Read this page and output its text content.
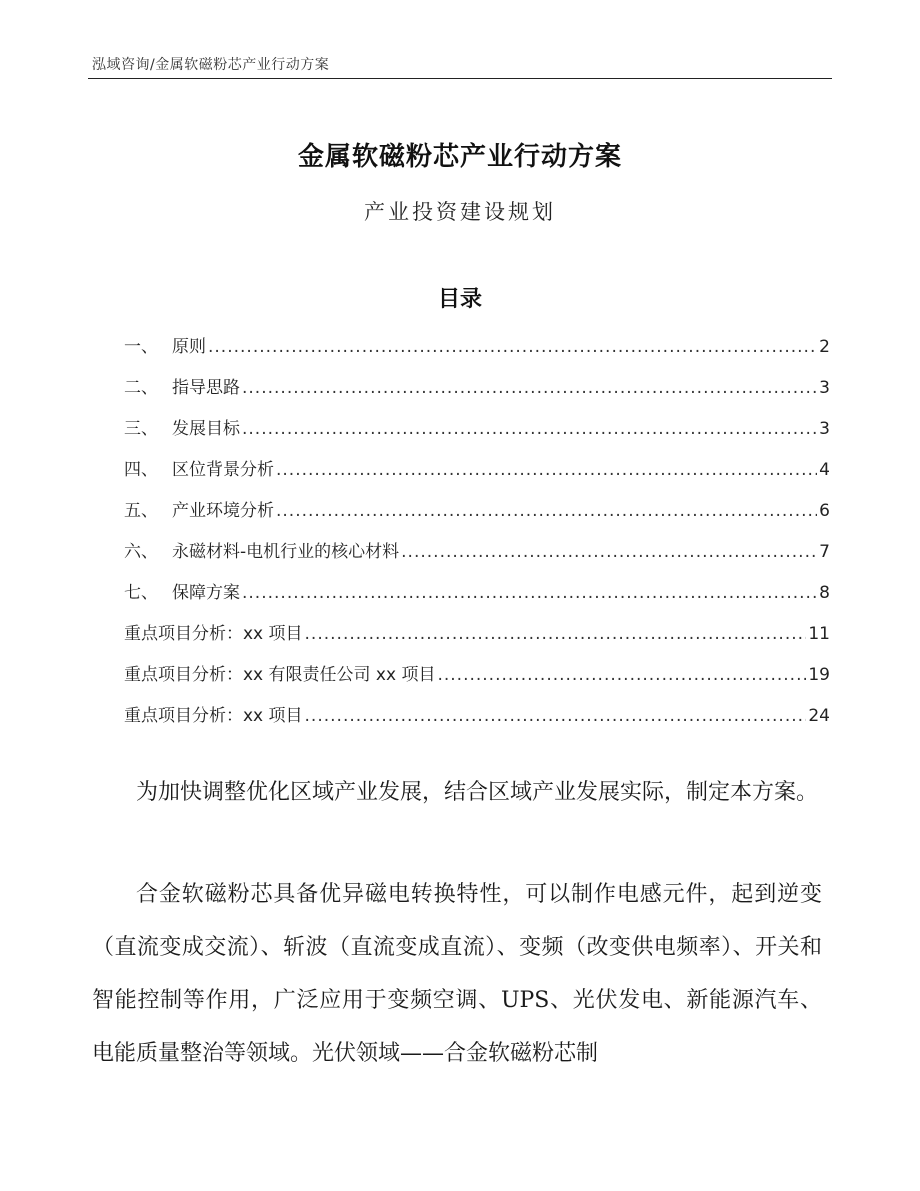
泓域咨询/金属软磁粉芯产业行动方案
金属软磁粉芯产业行动方案
产业投资建设规划
目录
一、 原则 .....	2
二、 指导思路 .....	3
三、 发展目标 .....	3
四、 区位背景分析 .....	4
五、 产业环境分析 .....	6
六、 永磁材料-电机行业的核心材料 .....	7
七、 保障方案 .....	8
重点项目分析：xx 项目 .....	11
重点项目分析：xx 有限责任公司 xx 项目 .....	19
重点项目分析：xx 项目 .....	24

为加快调整优化区域产业发展，结合区域产业发展实际，制定本方案。

合金软磁粉芯具备优异磁电转换特性，可以制作电感元件，起到逆变（直流变成交流）、斩波（直流变成直流）、变频（改变供电频率）、开关和智能控制等作用，广泛应用于变频空调、UPS、光伏发电、新能源汽车、电能质量整治等领域。光伏领域——合金软磁粉芯制
